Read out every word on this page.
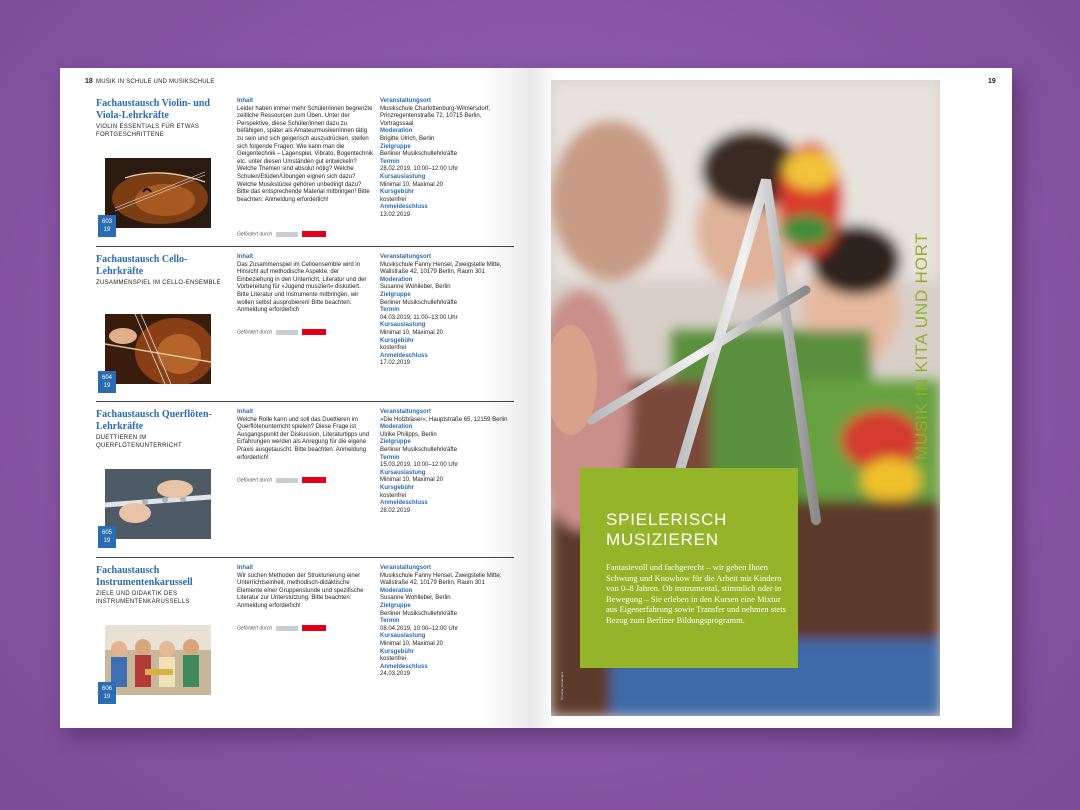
18 MUSIK IN SCHULE UND MUSIKSCHULE
Fachaustausch Violin- und Viola-Lehrkräfte
VIOLIN ESSENTIALS FÜR ETWAS FORTGESCHRITTENE
603
19
Inhalt
Leider haben immer mehr Schüler/innen begrenzte zeitliche Ressourcen zum Üben. Unter der Perspektive, diese Schüler/innen dazu zu befähigen, später als Amateurmusiker/innen tätig zu sein und sich geigerisch auszudrücken, stellen sich folgende Fragen: Wie kann man die Geigentechnik – Lagenspiel, Vibrato, Bogentechnik etc. unter diesen Umständen gut entwickeln? Welche Themen sind absolut nötig? Welche Schulen/Etüden/Übungen eignen sich dazu? Welche Musikstücke gehören unbedingt dazu? Bitte das entsprechende Material mitbringen! Bitte beachten: Anmeldung erforderlich!
Gefördert durch
Veranstaltungsort
Musikschule Charlottenburg-Wilmersdorf, Prinzregentenstraße 72, 10715 Berlin, Vortragssaal
Moderation
Brigitte Ulrich, Berlin
Zielgruppe
Berliner Musikschullehrkräfte
Termin
28.02.2019, 10:00–12:00 Uhr
Kursauslastung
Minimal 10, Maximal 20
Kursgebühr
kostenfrei
Anmeldeschluss
13.02.2019
Fachaustausch Cello-Lehrkräfte
ZUSAMMENSPIEL IM CELLO-ENSEMBLE
604
19
Inhalt
Das Zusammenspiel im Celloensemble wird in Hinsicht auf methodische Aspekte, der Einbeziehung in den Unterricht, Literatur und der Vorbereitung für »Jugend musiziert« diskutiert. Bitte Literatur und Instrumente mitbringen, wir wollen selbst ausprobieren! Bitte beachten: Anmeldung erforderlich
Gefördert durch
Veranstaltungsort
Musikschule Fanny Hensel, Zweigstelle Mitte, Wallstraße 42, 10179 Berlin, Raum 301
Moderation
Susanne Wohlleber, Berlin
Zielgruppe
Berliner Musikschullehrkräfte
Termin
04.03.2019, 11:00–13:00 Uhr
Kursauslastung
Minimal 10, Maximal 20
Kursgebühr
kostenfrei
Anmeldeschluss
17.02.2019
Fachaustausch Querflöten-Lehrkräfte
DUETTIEREN IM QUERFLÖTENUNTERRICHT
605
19
Inhalt
Welche Rolle kann und soll das Duettieren im Querflötenunterricht spielen? Diese Frage ist Ausgangspunkt der Diskussion, Literaturtipps und Erfahrungen werden als Anregung für die eigene Praxis ausgetauscht. Bitte beachten: Anmeldung erforderlich!
Gefördert durch
Veranstaltungsort
»Die Holzbläser«, Hauptstraße 65, 12159 Berlin
Moderation
Ulrike Philipps, Berlin
Zielgruppe
Berliner Musikschullehrkräfte
Termin
15.03.2019, 10:00–12:00 Uhr
Kursauslastung
Minimal 10, Maximal 20
Kursgebühr
kostenfrei
Anmeldeschluss
28.02.2019
Fachaustausch Instrumentenkarussell
ZIELE UND DIDAKTIK DES INSTRUMENTENKARUSSELLS
606
19
Inhalt
Wir suchen Methoden der Strukturierung einer Unterrichtseinheit, methodisch-didaktische Elemente einer Gruppenstunde und spezifische Literatur zur Unterstützung. Bitte beachten: Anmeldung erforderlich!
Gefördert durch
Veranstaltungsort
Musikschule Fanny Hensel, Zweigstelle Mitte: Wallstraße 42, 10179 Berlin, Raum 301
Moderation
Susanne Wohlleber, Berlin
Zielgruppe
Berliner Musikschullehrkräfte
Termin
08.04.2019, 10:00–12:00 Uhr
Kursauslastung
Minimal 10, Maximal 20
Kursgebühr
kostenfrei
Anmeldeschluss
24.03.2019
19
©Fotolia_forcdesigns
SPIELERISCH
MUSIZIEREN
Fantasievoll und fachgerecht – wir geben Ihnen Schwung und Knowhow für die Arbeit mit Kindern von 0–8 Jahren. Ob instrumental, stimmlich oder in Bewegung – Sie erleben in den Kursen eine Mixtur aus Eigenerfahrung sowie Transfer und nehmen stets Bezug zum Berliner Bildungsprogramm.
MUSIK IN KITA UND HORT
